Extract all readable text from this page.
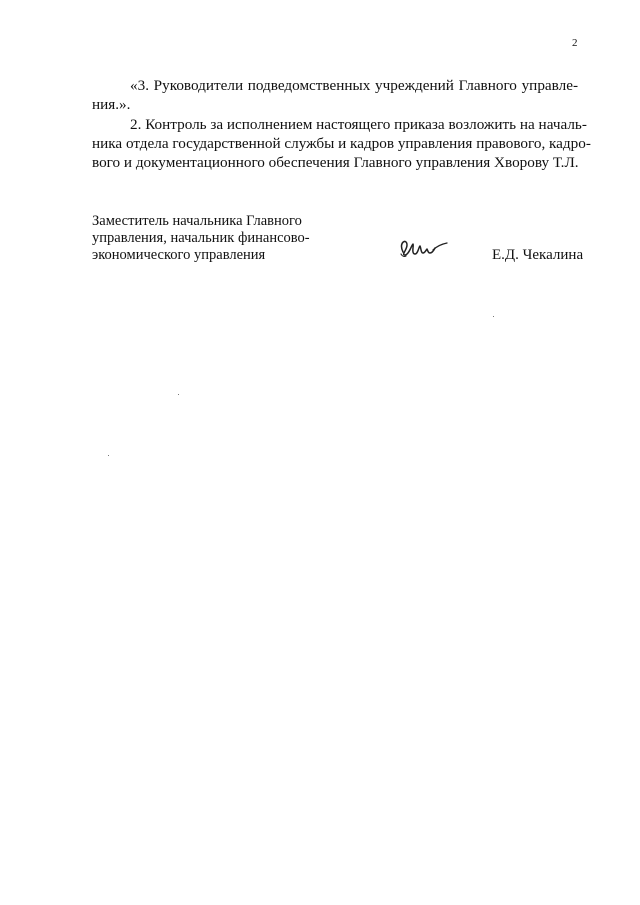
2
«3. Руководители подведомственных учреждений Главного управле-
ния.».
2. Контроль за исполнением настоящего приказа возложить на началь-
ника отдела государственной службы и кадров управления правового, кадро-
вого и документационного обеспечения Главного управления Хворову Т.Л.
Заместитель начальника Главного
управления, начальник финансово-
экономического управления	Е.Д. Чекалина
